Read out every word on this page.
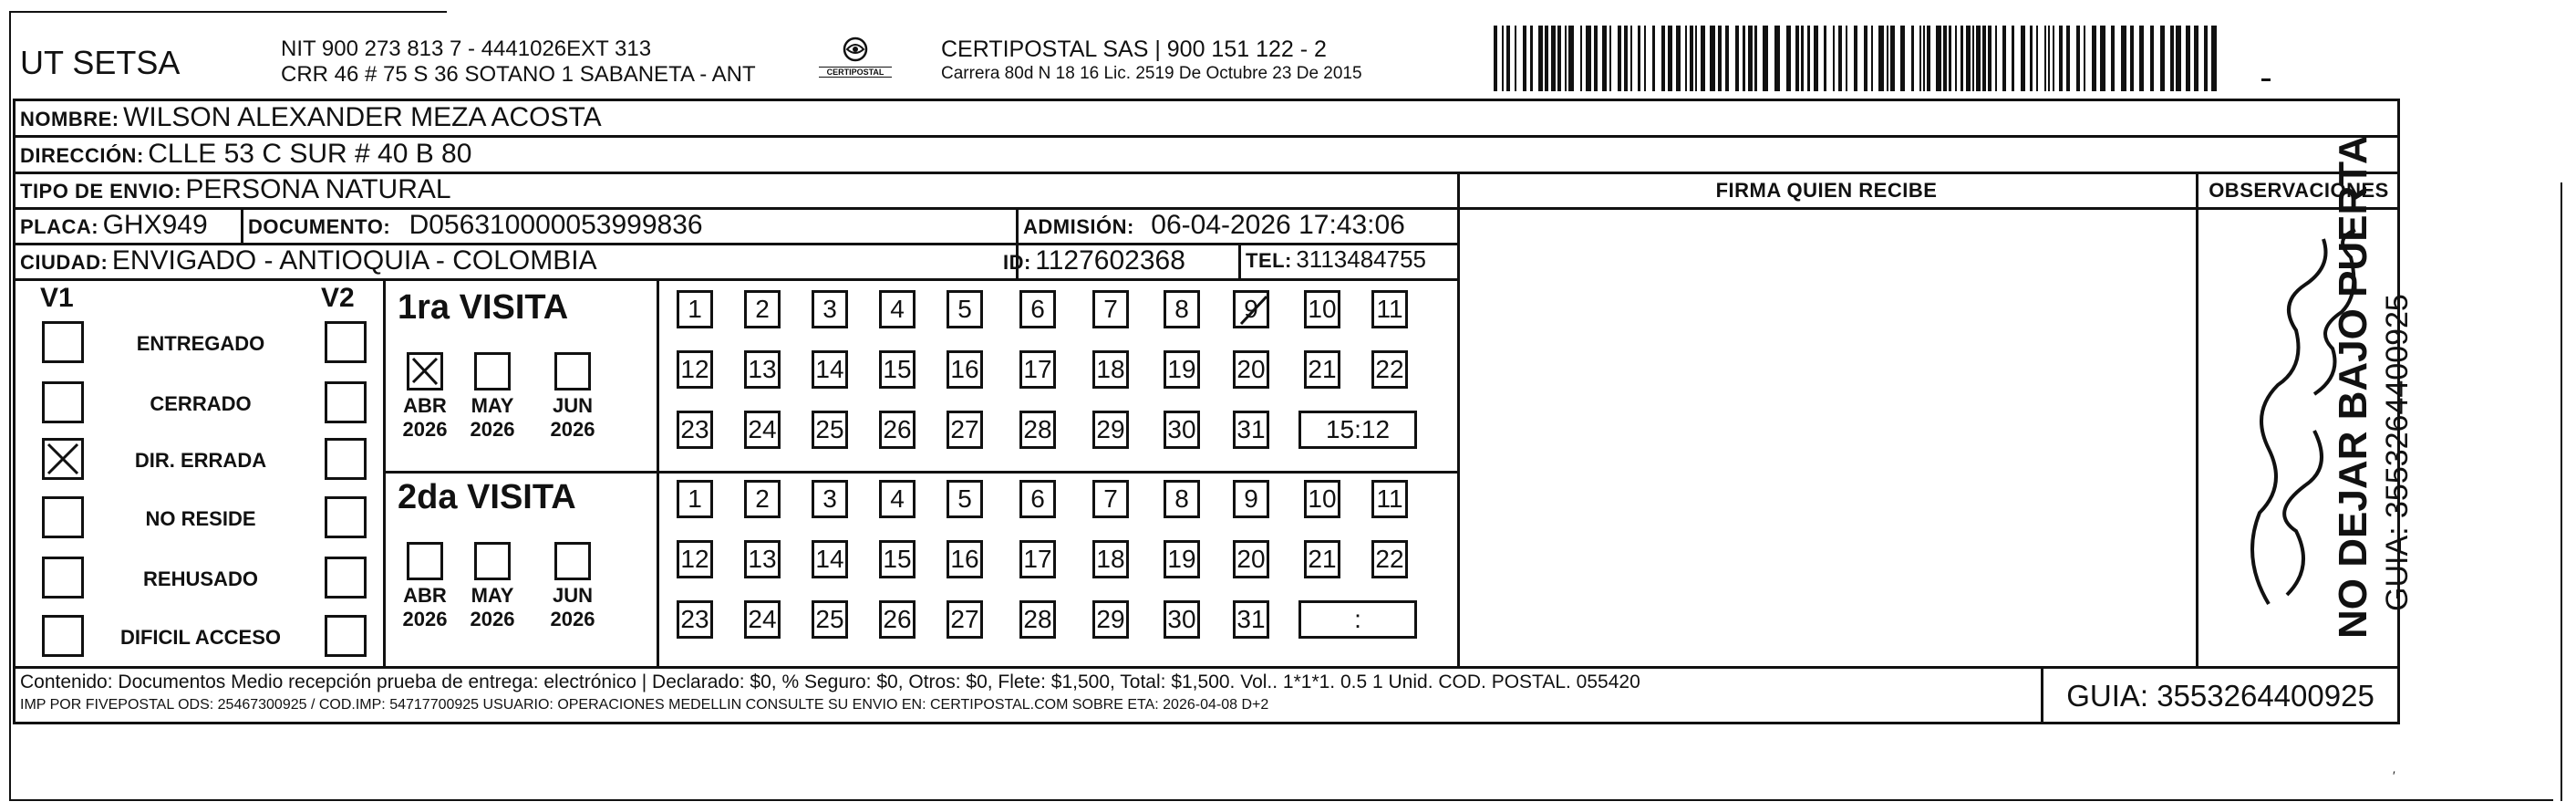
UT SETSA	NIT 900 273 813 7 - 4441026EXT 313
CRR 46 # 75 S 36 SOTANO 1 SABANETA - ANT	CERTIPOSTAL
CERTIPOSTAL SAS | 900 151 122 - 2
Carrera 80d N 18 16 Lic. 2519 De Octubre 23 De 2015
NOMBRE: WILSON ALEXANDER MEZA ACOSTA
DIRECCIÓN: CLLE 53 C SUR # 40 B 80
TIPO DE ENVIO: PERSONA NATURAL	FIRMA QUIEN RECIBE	OBSERVACIONES
PLACA: GHX949 DOCUMENTO: D056310000053999836	ADMISIÓN: 06-04-2026 17:43:06
CIUDAD: ENVIGADO - ANTIOQUIA - COLOMBIA	ID: 1127602368	TEL: 3113484755
V1	V2
ENTREGADO
CERRADO
DIR. ERRADA
NO RESIDE
REHUSADO
DIFICIL ACCESO
1ra VISITA
2da VISITA
ABR
2026
MAY
2026
JUN
2026
1	2	3	4	5	6	7	8	9	10 11
12 13 14 15 16 17 18 19 20 21 22
23 24 25 26 27 28 29 30 31	15:12
ABR
2026
MAY
2026
JUN
2026
1	2	3	4	5	6	7	8	9	10 11
12 13 14 15 16 17 18 19 20 21 22
23 24 25 26 27 28 29 30 31	:
Contenido: Documentos Medio recepción prueba de entrega: electrónico | Declarado: $0, % Seguro: $0, Otros: $0, Flete: $1,500, Total: $1,500. Vol.. 1*1*1. 0.5 1 Unid. COD. POSTAL. 055420
IMP POR FIVEPOSTAL ODS: 25467300925 / COD.IMP: 54717700925 USUARIO: OPERACIONES MEDELLIN CONSULTE SU ENVIO EN: CERTIPOSTAL.COM SOBRE ETA: 2026-04-08 D+2	GUIA: 3553264400925
NO DEJAR BAJO PUERTA GUIA: 3553264400925
′
